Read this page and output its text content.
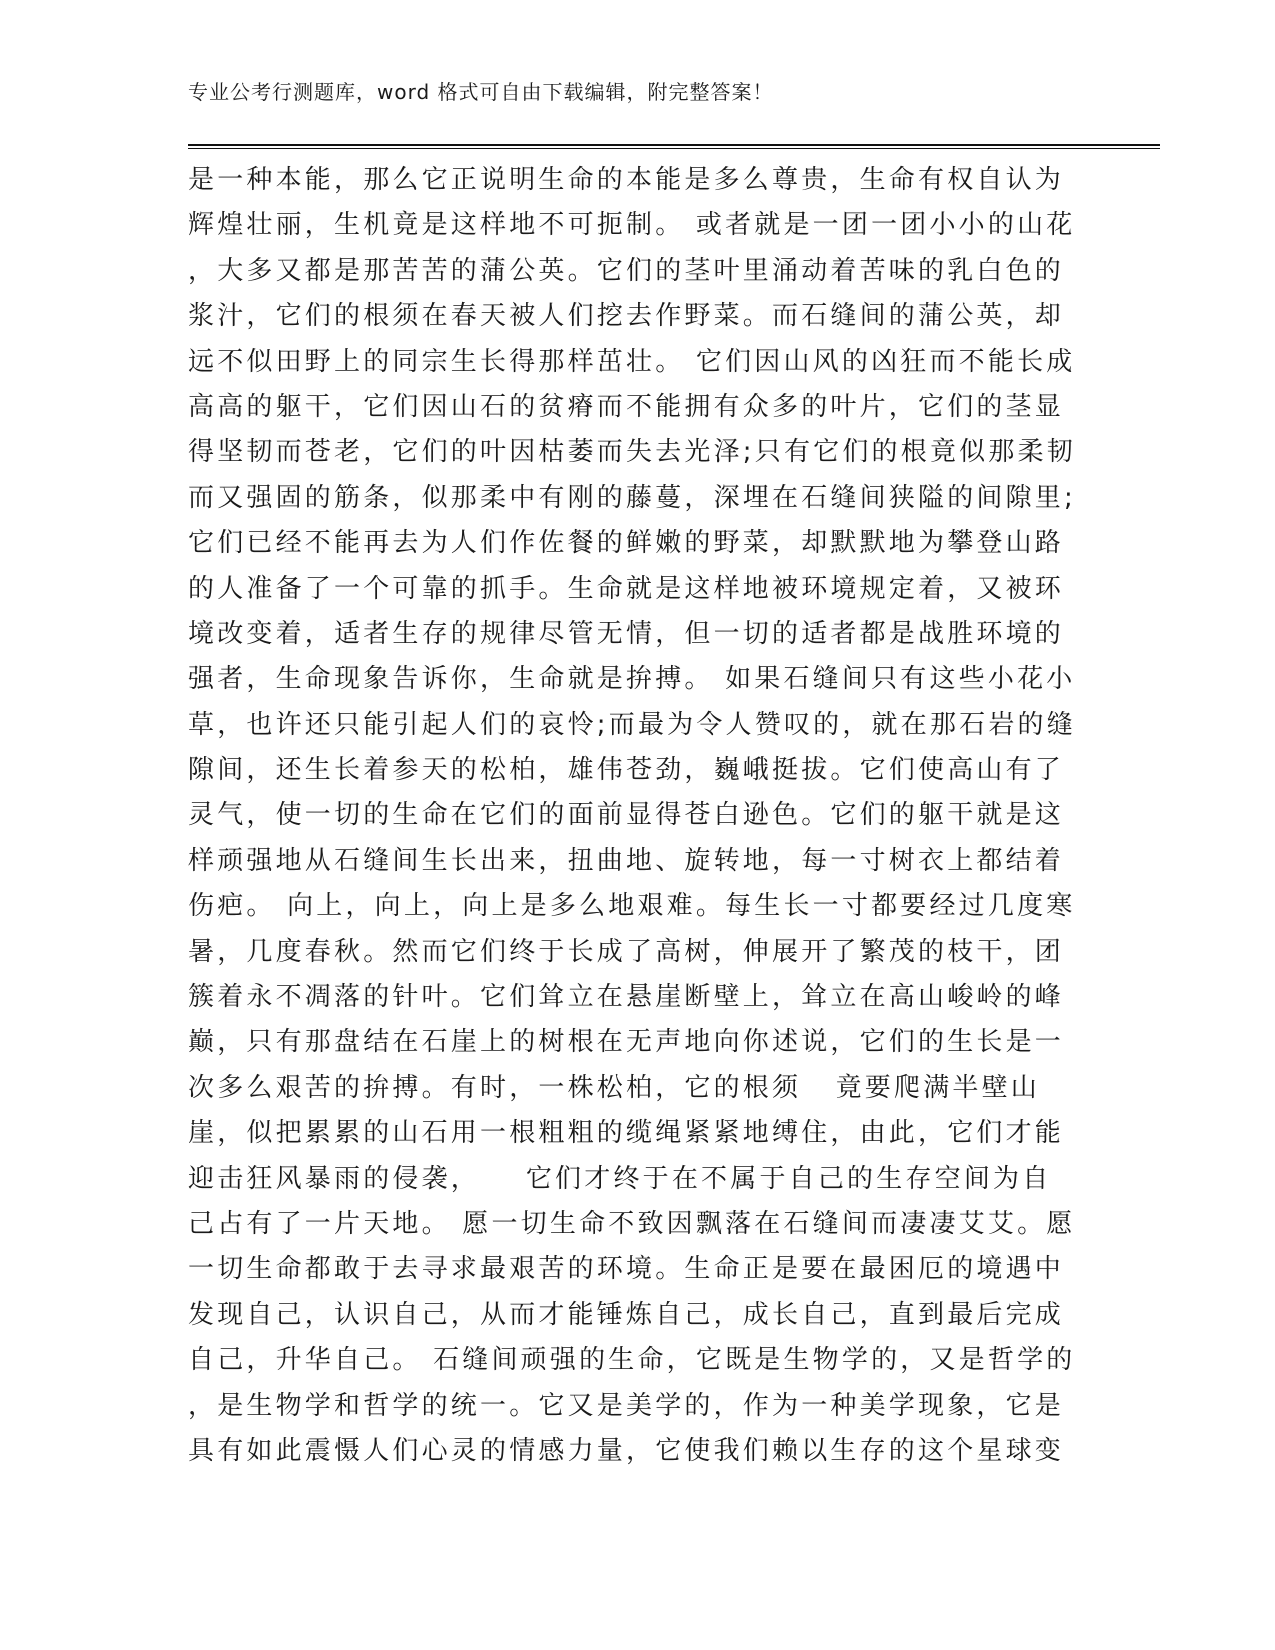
专业公考行测题库，word 格式可自由下载编辑，附完整答案！
是一种本能，那么它正说明生命的本能是多么尊贵，生命有权自认为
辉煌壮丽，生机竟是这样地不可扼制。 或者就是一团一团小小的山花
，大多又都是那苦苦的蒲公英。它们的茎叶里涌动着苦味的乳白色的
浆汁，它们的根须在春天被人们挖去作野菜。而石缝间的蒲公英，却
远不似田野上的同宗生长得那样茁壮。 它们因山风的凶狂而不能长成
高高的躯干，它们因山石的贫瘠而不能拥有众多的叶片，它们的茎显
得坚韧而苍老，它们的叶因枯萎而失去光泽;只有它们的根竟似那柔韧
而又强固的筋条，似那柔中有刚的藤蔓，深埋在石缝间狭隘的间隙里;
它们已经不能再去为人们作佐餐的鲜嫩的野菜，却默默地为攀登山路
的人准备了一个可靠的抓手。生命就是这样地被环境规定着，又被环
境改变着，适者生存的规律尽管无情，但一切的适者都是战胜环境的
强者，生命现象告诉你，生命就是拚搏。 如果石缝间只有这些小花小
草，也许还只能引起人们的哀怜;而最为令人赞叹的，就在那石岩的缝
隙间，还生长着参天的松柏，雄伟苍劲，巍峨挺拔。它们使高山有了
灵气，使一切的生命在它们的面前显得苍白逊色。它们的躯干就是这
样顽强地从石缝间生长出来，扭曲地、旋转地，每一寸树衣上都结着
伤疤。 向上，向上，向上是多么地艰难。每生长一寸都要经过几度寒
暑，几度春秋。然而它们终于长成了高树，伸展开了繁茂的枝干，团
簇着永不凋落的针叶。它们耸立在悬崖断壁上，耸立在高山峻岭的峰
巅，只有那盘结在石崖上的树根在无声地向你述说，它们的生长是一
次多么艰苦的拚搏。有时，一株松柏，它的根须   竟要爬满半壁山
崖，似把累累的山石用一根粗粗的缆绳紧紧地缚住，由此，它们才能
迎击狂风暴雨的侵袭，    它们才终于在不属于自己的生存空间为自
己占有了一片天地。 愿一切生命不致因飘落在石缝间而凄凄艾艾。愿
一切生命都敢于去寻求最艰苦的环境。生命正是要在最困厄的境遇中
发现自己，认识自己，从而才能锤炼自己，成长自己，直到最后完成
自己，升华自己。 石缝间顽强的生命，它既是生物学的，又是哲学的
，是生物学和哲学的统一。它又是美学的，作为一种美学现象，它是
具有如此震慑人们心灵的情感力量，它使我们赖以生存的这个星球变
